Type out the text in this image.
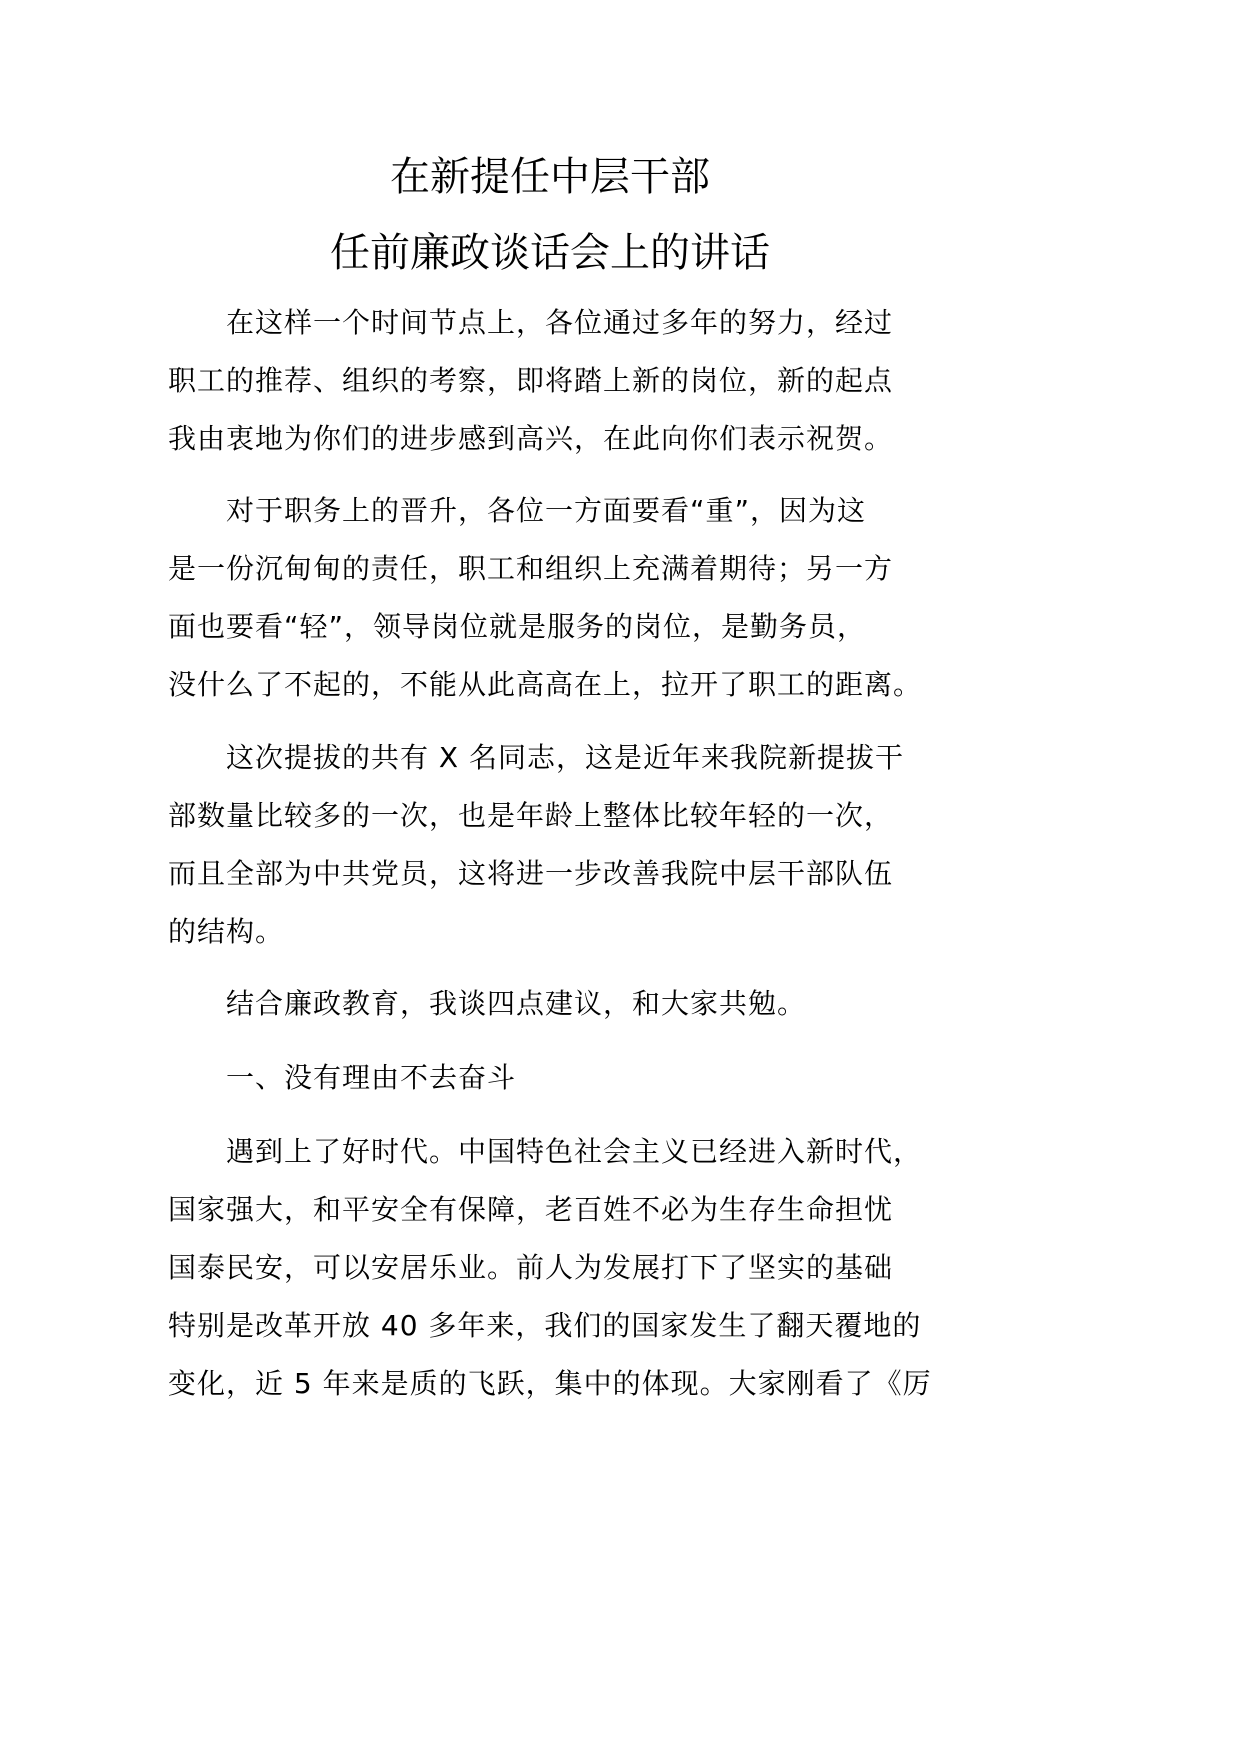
在新提任中层干部
任前廉政谈话会上的讲话
　　在这样一个时间节点上，各位通过多年的努力，经过
职工的推荐、组织的考察，即将踏上新的岗位，新的起点
我由衷地为你们的进步感到高兴，在此向你们表示祝贺。
　　对于职务上的晋升，各位一方面要看“重”，因为这
是一份沉甸甸的责任，职工和组织上充满着期待；另一方
面也要看“轻”，领导岗位就是服务的岗位，是勤务员，
没什么了不起的，不能从此高高在上，拉开了职工的距离。
　　这次提拔的共有 X 名同志，这是近年来我院新提拔干
部数量比较多的一次，也是年龄上整体比较年轻的一次，
而且全部为中共党员，这将进一步改善我院中层干部队伍
的结构。
　　结合廉政教育，我谈四点建议，和大家共勉。
　　一、没有理由不去奋斗
　　遇到上了好时代。中国特色社会主义已经进入新时代，
国家强大，和平安全有保障，老百姓不必为生存生命担忧
国泰民安，可以安居乐业。前人为发展打下了坚实的基础
特别是改革开放 40 多年来，我们的国家发生了翻天覆地的
变化，近 5 年来是质的飞跃，集中的体现。大家刚看了《厉
